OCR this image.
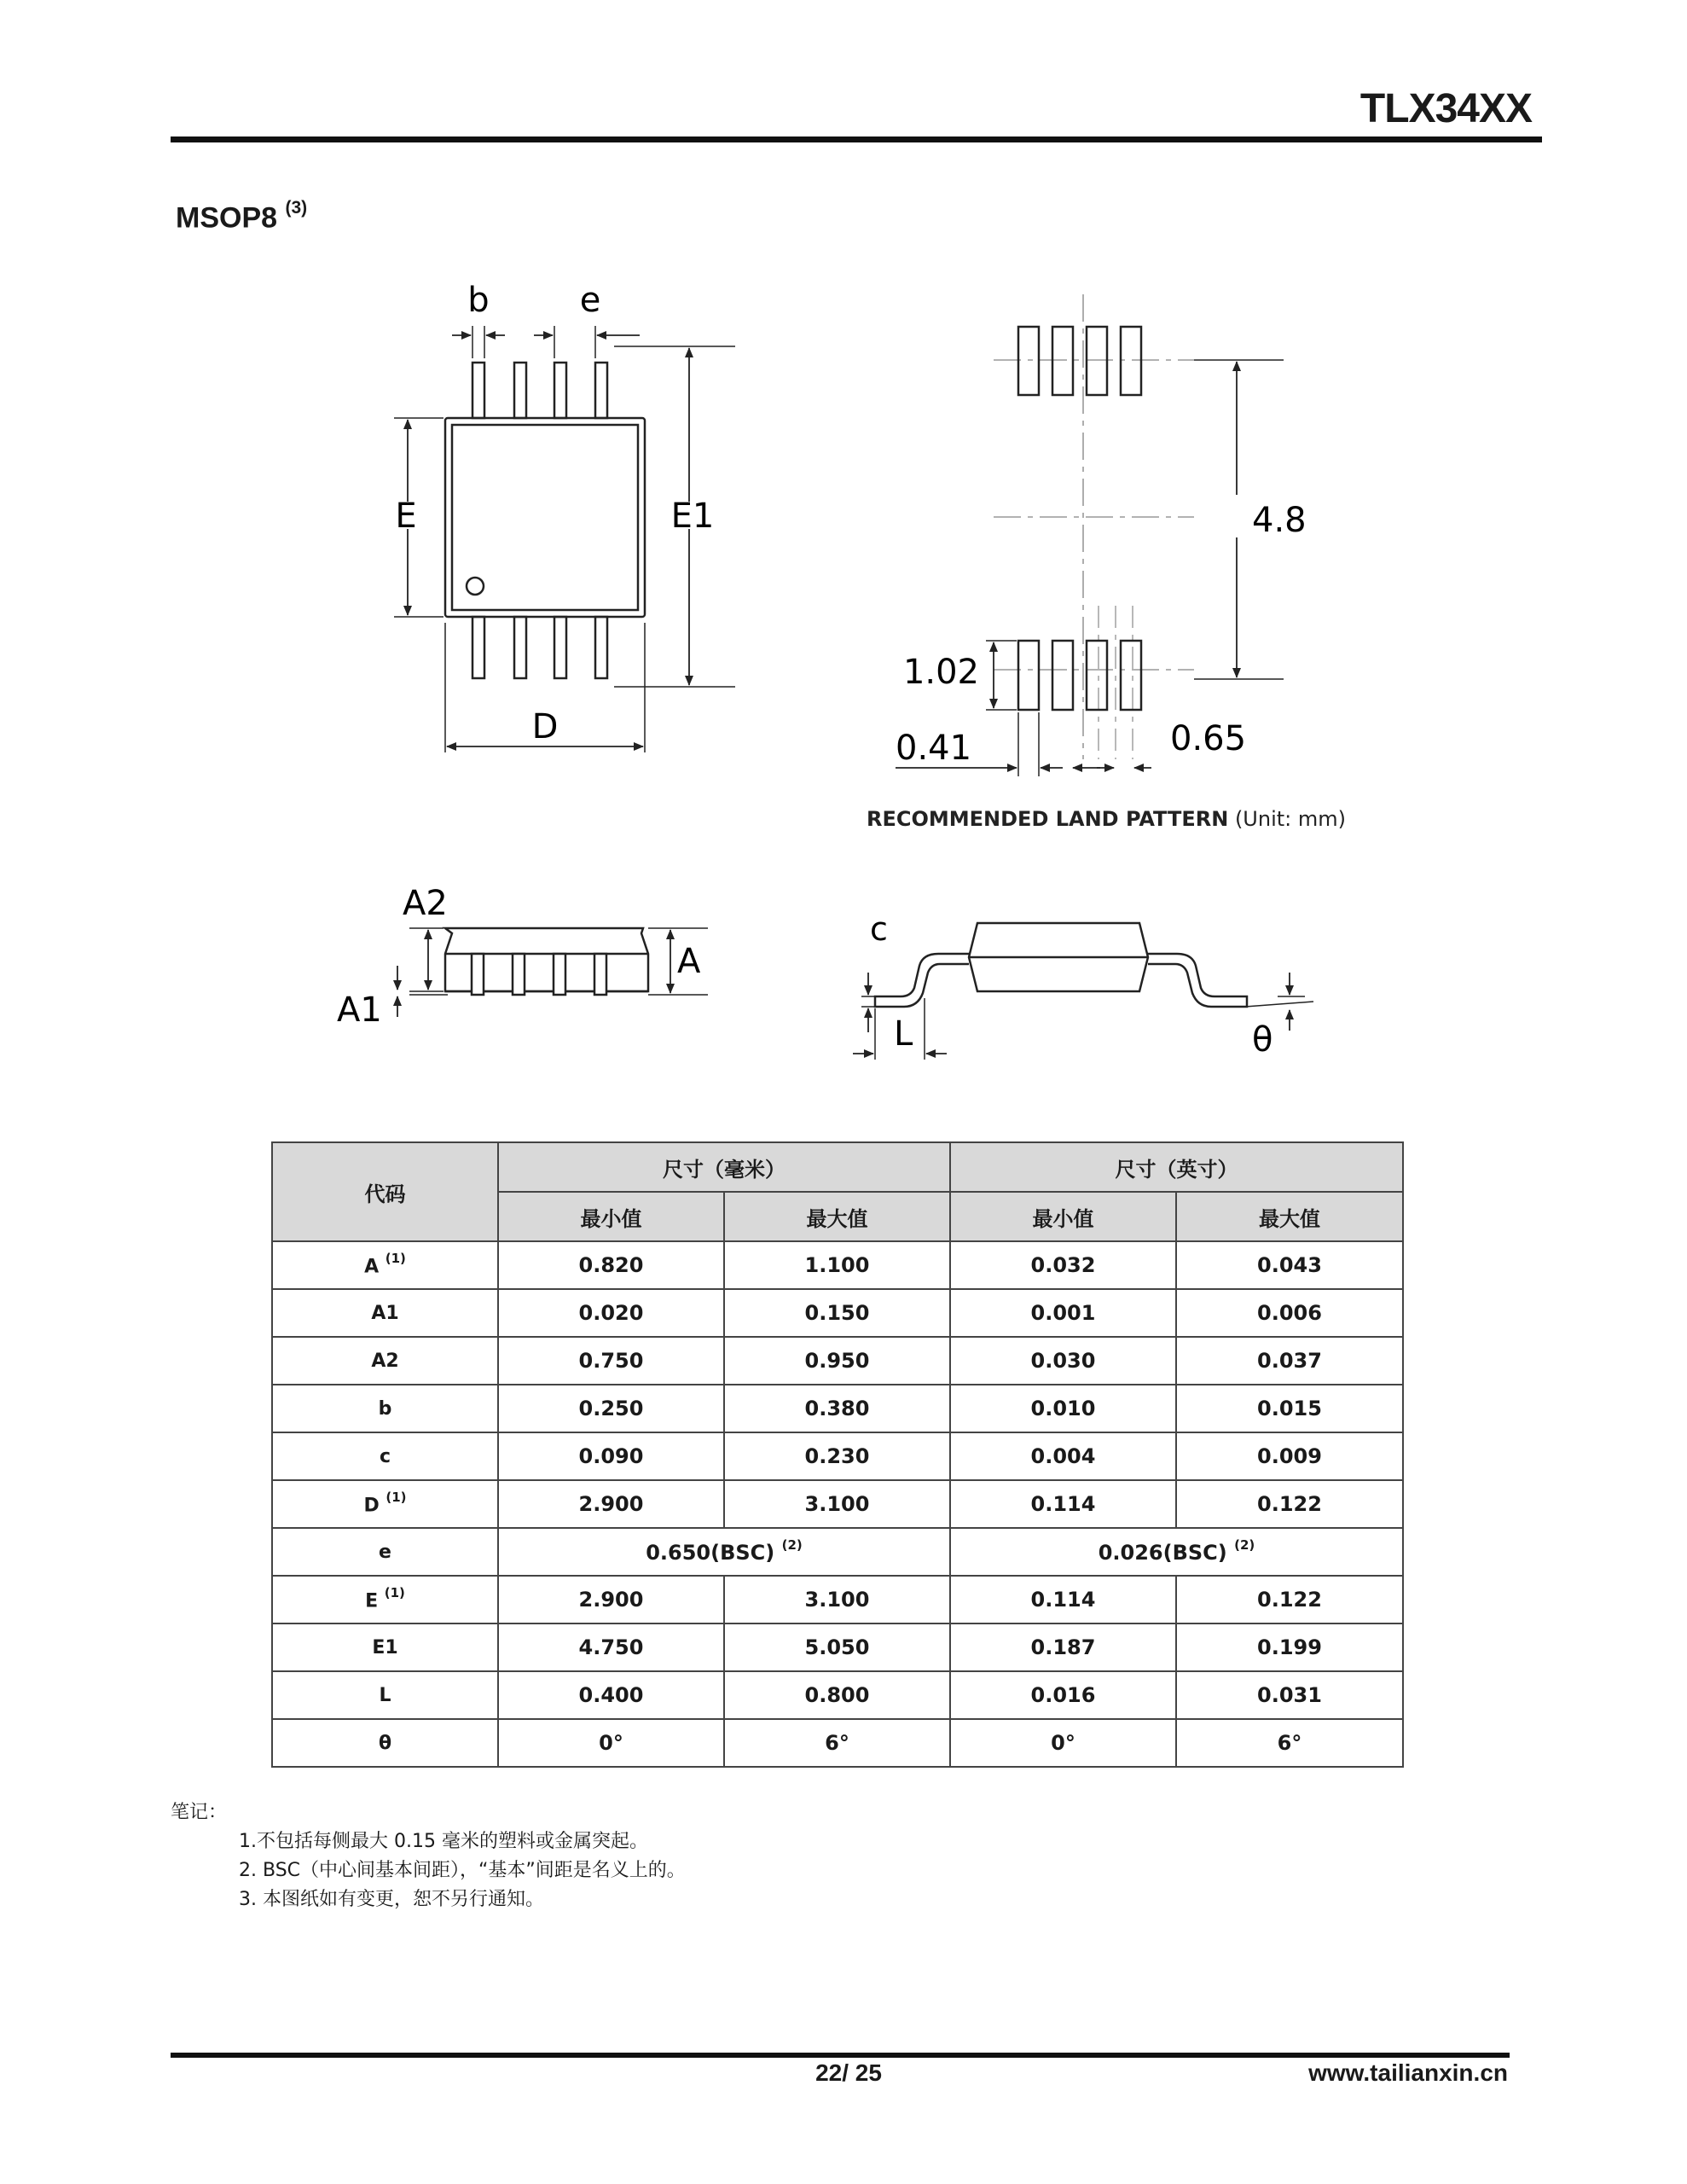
TLX34XX
MSOP8 $^{(3)}$
b	e
E	E1
D
4.8
1.02
0.41	0.65
RECOMMENDED LAND PATTERN (Unit: mm)
A2
A1
A
c
L	θ
代码	尺寸（毫米）		尺寸（英寸）	
	最小值	最大值	最小值	最大值
A $^{(1)}$	0.820	1.100	0.032	0.043
A1	0.020	0.150	0.001	0.006
A2	0.750	0.950	0.030	0.037
b	0.250	0.380	0.010	0.015
c	0.090	0.230	0.004	0.009
D $^{(1)}$	2.900	3.100	0.114	0.122
e	0.650(BSC) $^{(2)}$		0.026(BSC) $^{(2)}$
E $^{(1)}$	2.900	3.100	0.114	0.122
E1	4.750	5.050	0.187	0.199
L	0.400	0.800	0.016	0.031
θ	0°	6°	0°	6°
笔记：
1.不包括每侧最大 0.15 毫米的塑料或金属突起。
2. BSC（中心间基本间距），“基本”间距是名义上的。
3. 本图纸如有变更，恕不另行通知。
22/ 25	www.tailianxin.cn
